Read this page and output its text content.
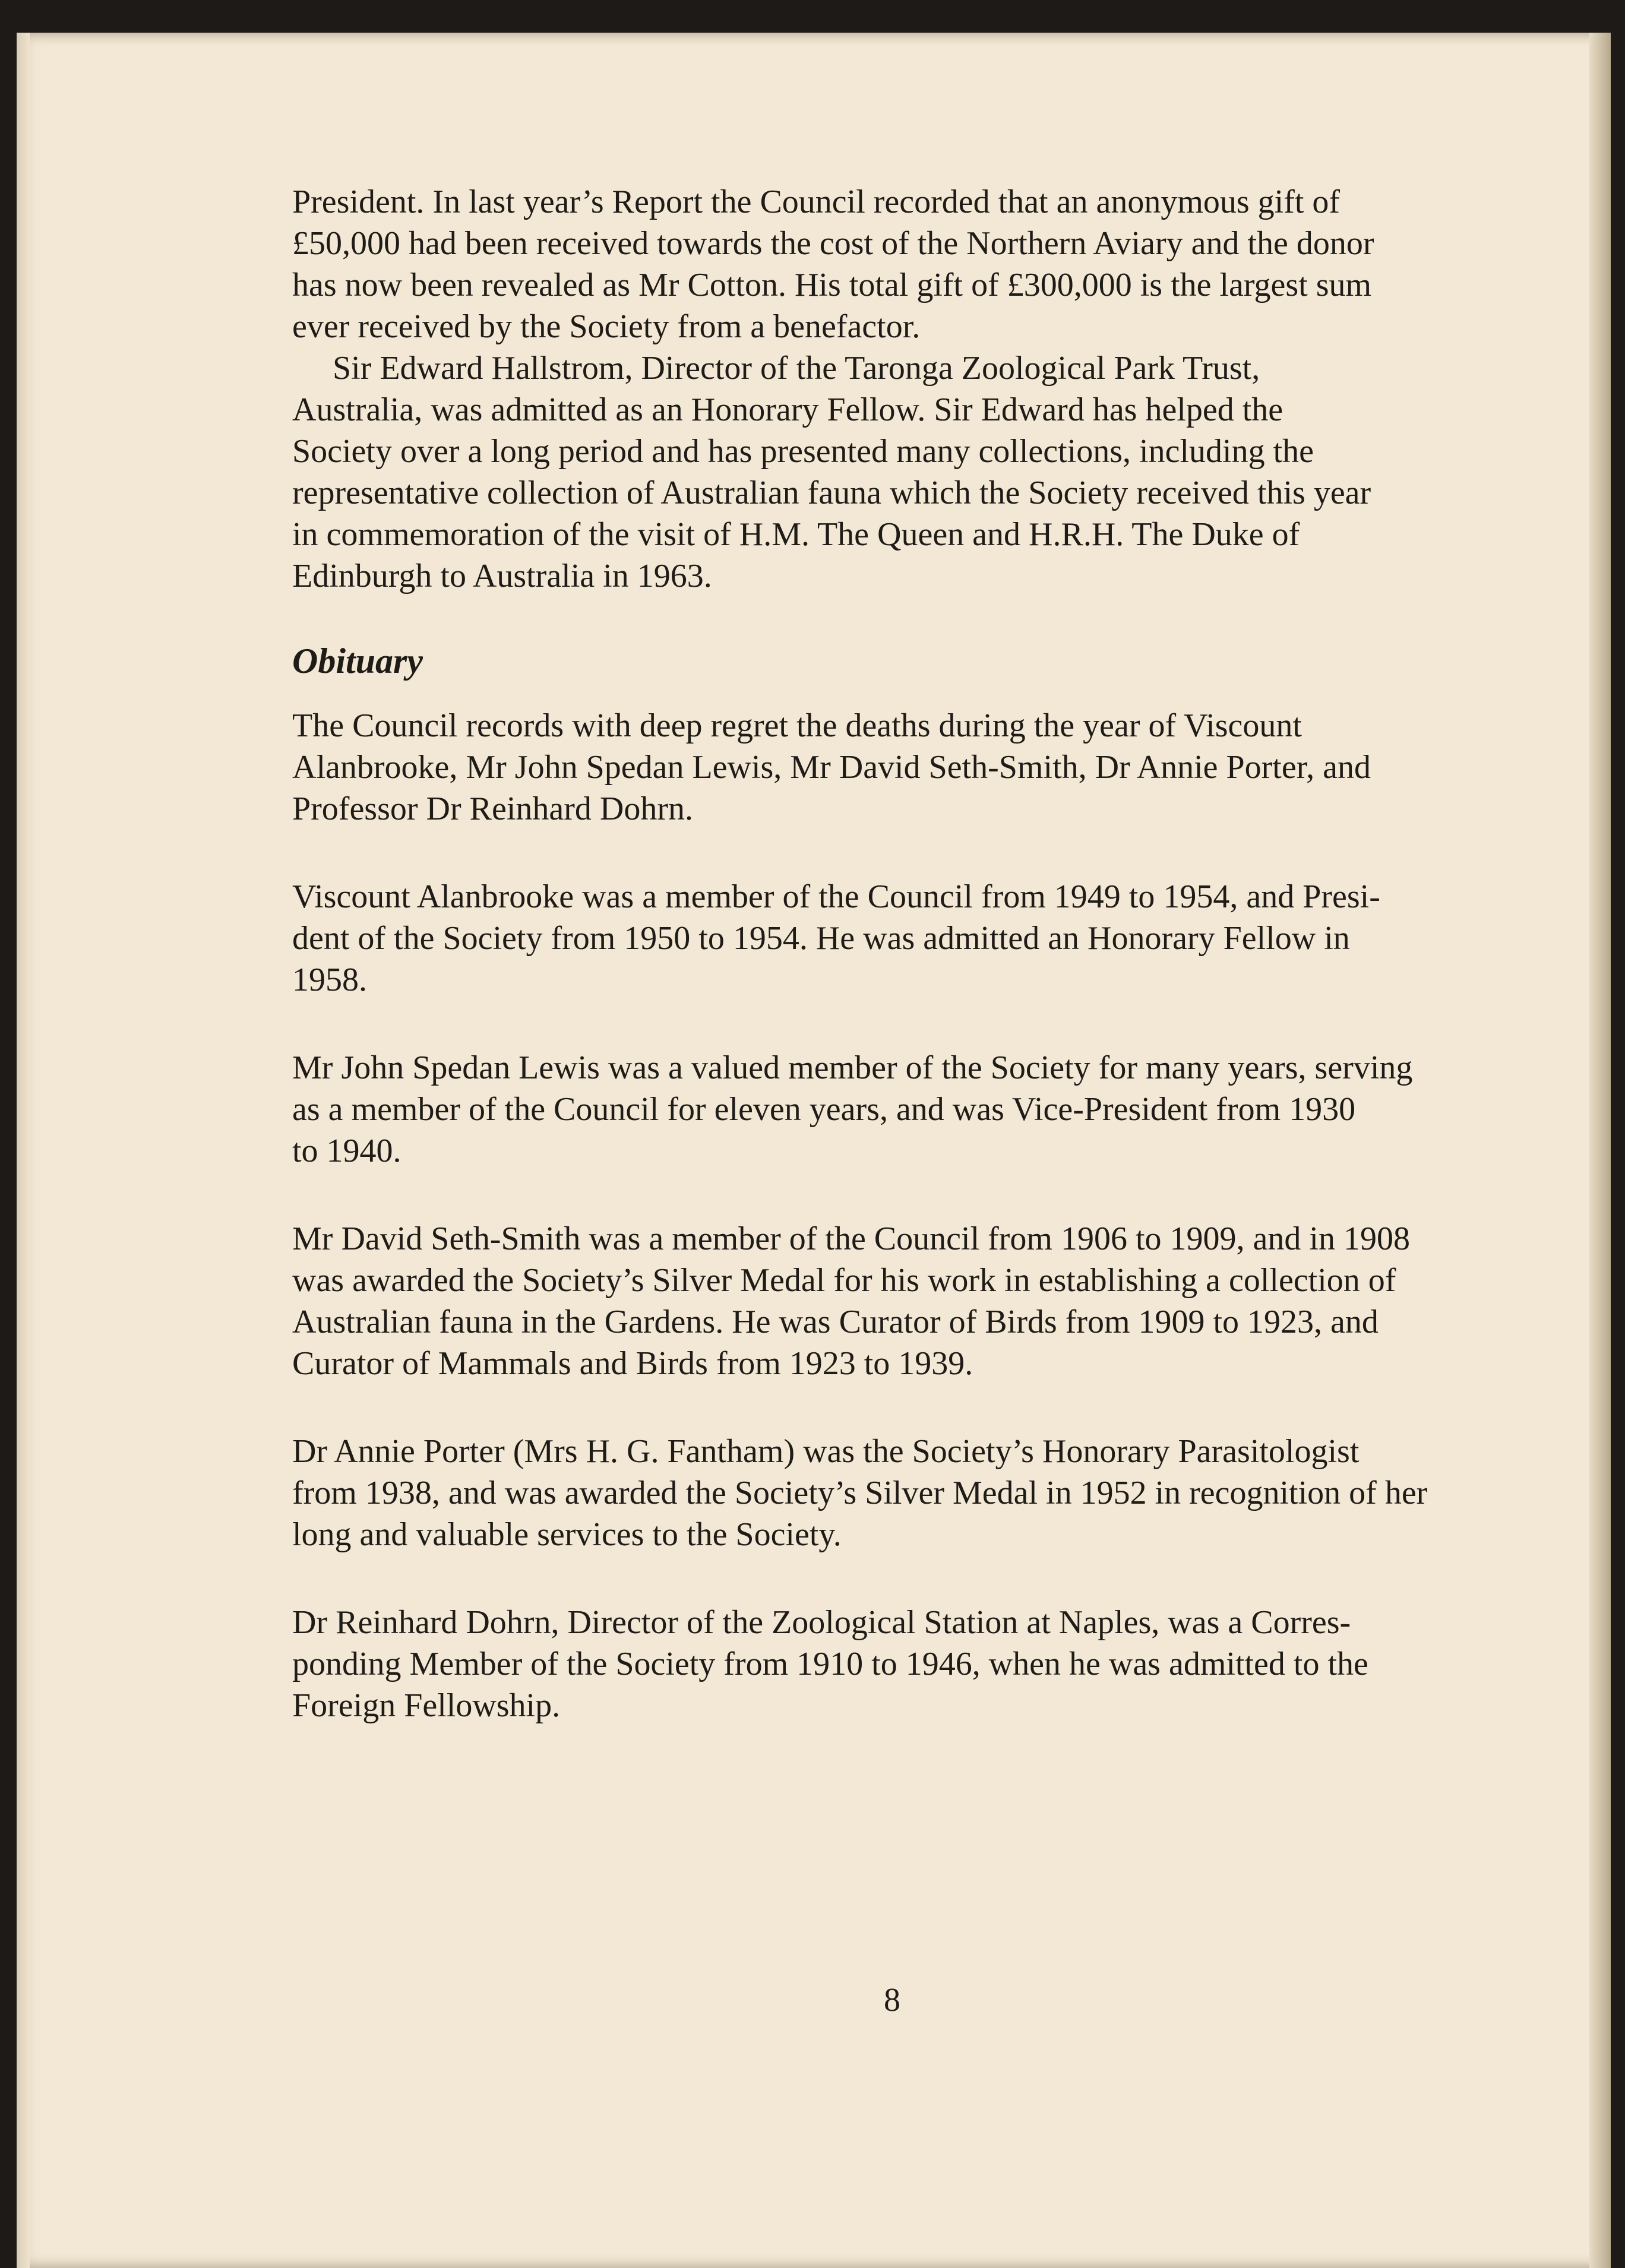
President. In last year’s Report the Council recorded that an anonymous gift of
£50,000 had been received towards the cost of the Northern Aviary and the donor
has now been revealed as Mr Cotton. His total gift of £300,000 is the largest sum
ever received by the Society from a benefactor.

Sir Edward Hallstrom, Director of the Taronga Zoological Park Trust,
Australia, was admitted as an Honorary Fellow. Sir Edward has helped the
Society over a long period and has presented many collections, including the
representative collection of Australian fauna which the Society received this year
in commemoration of the visit of H.M. The Queen and H.R.H. The Duke of
Edinburgh to Australia in 1963.

Obituary

The Council records with deep regret the deaths during the year of Viscount
Alanbrooke, Mr John Spedan Lewis, Mr David Seth-Smith, Dr Annie Porter, and
Professor Dr Reinhard Dohrn.

Viscount Alanbrooke was a member of the Council from 1949 to 1954, and Presi-
dent of the Society from 1950 to 1954. He was admitted an Honorary Fellow in
1958.

Mr John Spedan Lewis was a valued member of the Society for many years, serving
as a member of the Council for eleven years, and was Vice-President from 1930
to 1940.

Mr David Seth-Smith was a member of the Council from 1906 to 1909, and in 1908
was awarded the Society’s Silver Medal for his work in establishing a collection of
Australian fauna in the Gardens. He was Curator of Birds from 1909 to 1923, and
Curator of Mammals and Birds from 1923 to 1939.

Dr Annie Porter (Mrs H. G. Fantham) was the Society’s Honorary Parasitologist
from 1938, and was awarded the Society’s Silver Medal in 1952 in recognition of her
long and valuable services to the Society.

Dr Reinhard Dohrn, Director of the Zoological Station at Naples, was a Corres-
ponding Member of the Society from 1910 to 1946, when he was admitted to the
Foreign Fellowship.

8
